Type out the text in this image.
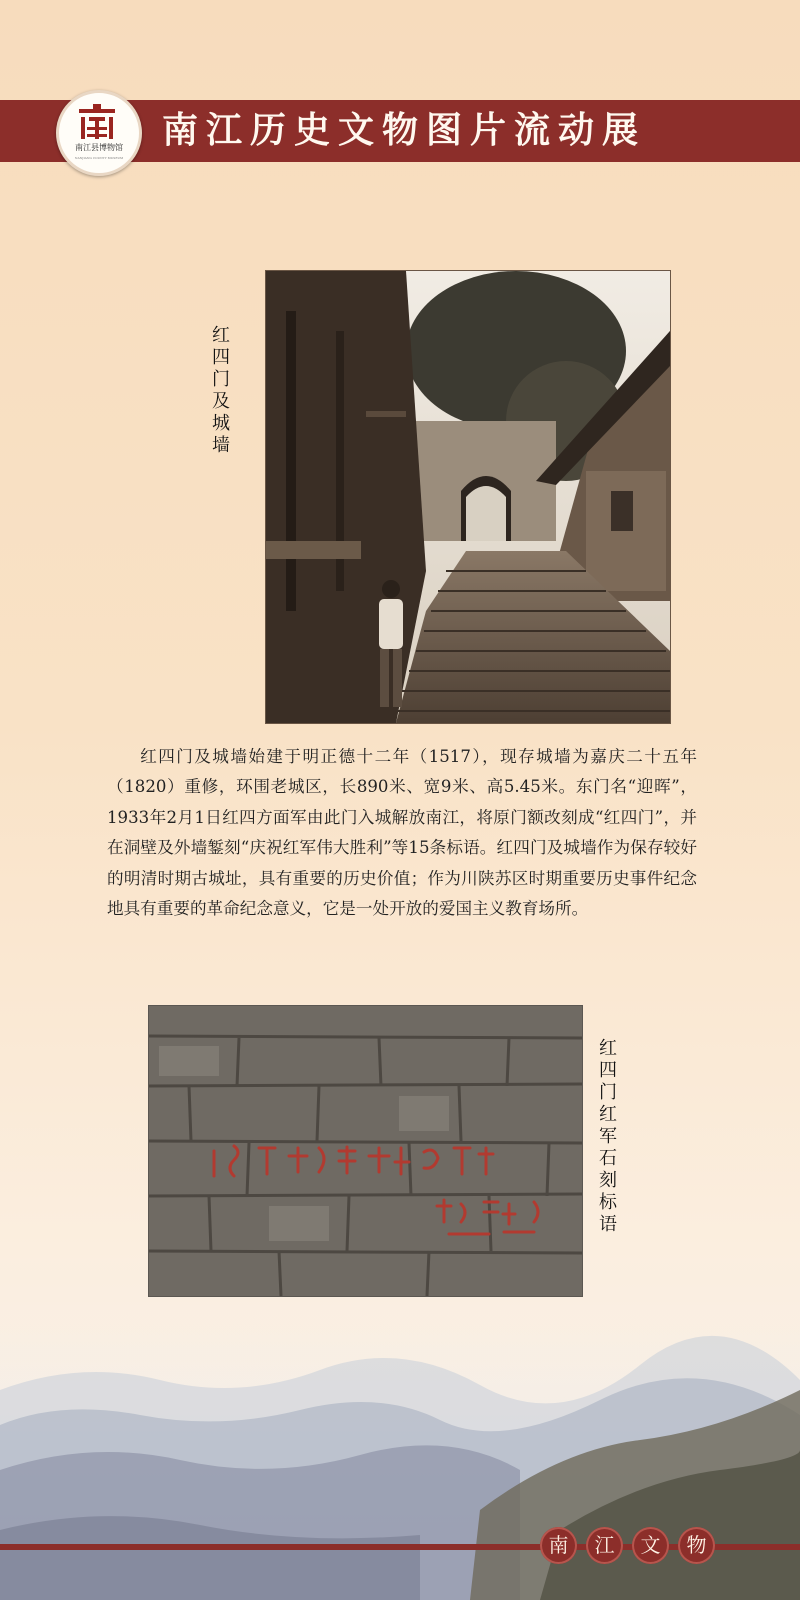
南江历史文物图片流动展
南江县博物馆
NANJIANG COUNTY MUSEUM
红四门及城墙
红四门及城墙始建于明正德十二年（1517），现存城墙为嘉庆二十五年（1820）重修，环围老城区，长890米、宽9米、高5.45米。东门名“迎晖”，1933年2月1日红四方面军由此门入城解放南江，将原门额改刻成“红四门”，并在洞壁及外墙錾刻“庆祝红军伟大胜利”等15条标语。红四门及城墙作为保存较好的明清时期古城址，具有重要的历史价值；作为川陕苏区时期重要历史事件纪念地具有重要的革命纪念意义，它是一处开放的爱国主义教育场所。
红四门红军石刻标语
南	江	文	物
